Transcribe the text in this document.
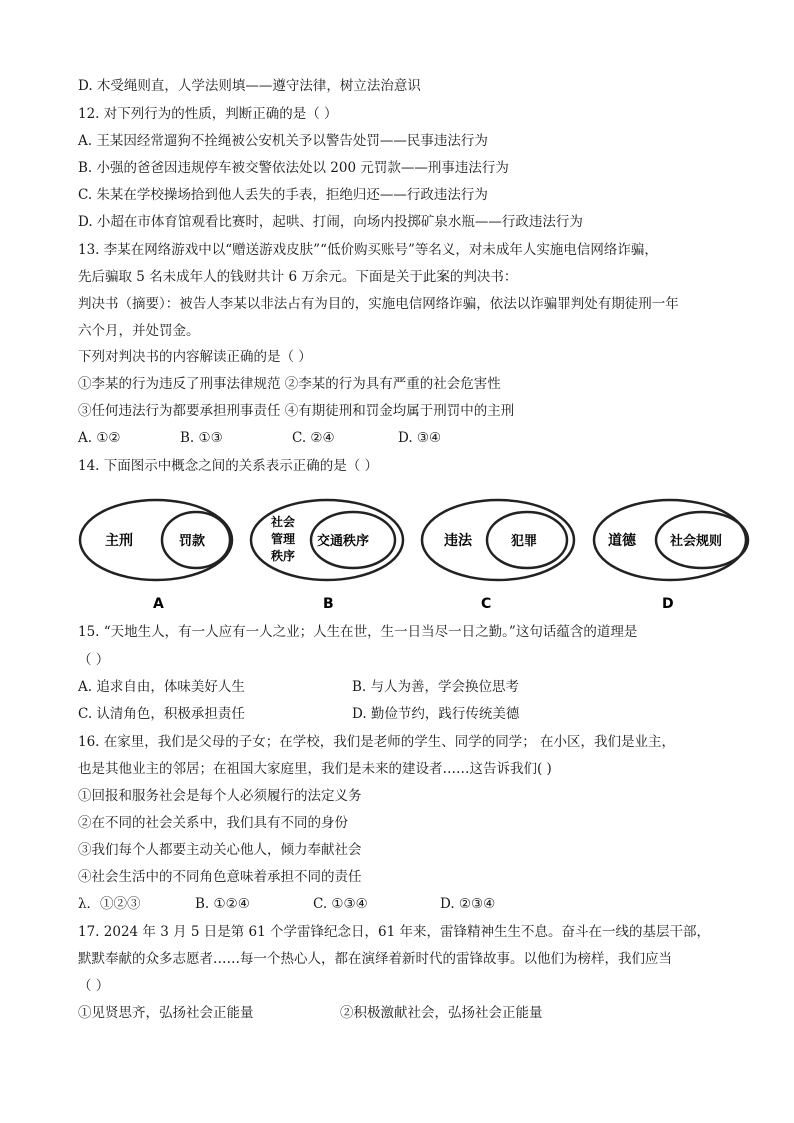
D. 木受绳则直，人学法则填——遵守法律，树立法治意识
12. 对下列行为的性质，判断正确的是（ ）
A. 王某因经常遛狗不拴绳被公安机关予以警告处罚——民事违法行为
B. 小强的爸爸因违规停车被交警依法处以 200 元罚款——刑事违法行为
C. 朱某在学校操场拾到他人丢失的手表，拒绝归还——行政违法行为
D. 小超在市体育馆观看比赛时，起哄、打闹，向场内投掷矿泉水瓶——行政违法行为
13. 李某在网络游戏中以“赠送游戏皮肤”“低价购买账号”等名义，对未成年人实施电信网络诈骗，
先后骗取 5 名未成年人的钱财共计 6 万余元。下面是关于此案的判决书：
判决书（摘要）：被告人李某以非法占有为目的，实施电信网络诈骗，依法以诈骗罪判处有期徒刑一年
六个月，并处罚金。
下列对判决书的内容解读正确的是（ ）
①李某的行为违反了刑事法律规范 ②李某的行为具有严重的社会危害性
③任何违法行为都要承担刑事责任 ④有期徒刑和罚金均属于刑罚中的主刑
A. ①②	B. ①③	C. ②④	D. ③④
14. 下面图示中概念之间的关系表示正确的是（ ）
主刑	罚款
A
社会
管理
秩序
交通秩序
B
违法	犯罪
C
道德	社会规则
D
15. “天地生人，有一人应有一人之业；人生在世，生一日当尽一日之勤。”这句话蕴含的道理是
（ ）
A. 追求自由，体味美好人生	B. 与人为善，学会换位思考
C. 认清角色，积极承担责任	D. 勤俭节约，践行传统美德
16. 在家里，我们是父母的子女；在学校，我们是老师的学生、同学的同学； 在小区，我们是业主，
也是其他业主的邻居；在祖国大家庭里，我们是未来的建设者……这告诉我们( )
①回报和服务社会是每个人必须履行的法定义务
②在不同的社会关系中，我们具有不同的身份
③我们每个人都要主动关心他人，倾力奉献社会
④社会生活中的不同角色意味着承担不同的责任
λ．①②③	B. ①②④	C. ①③④	D. ②③④
17. 2024 年 3 月 5 日是第 61 个学雷锋纪念日，61 年来，雷锋精神生生不息。奋斗在一线的基层干部，
默默奉献的众多志愿者……每一个热心人，都在演绎着新时代的雷锋故事。以他们为榜样，我们应当
（ ）
①见贤思齐，弘扬社会正能量	②积极激献社会，弘扬社会正能量
